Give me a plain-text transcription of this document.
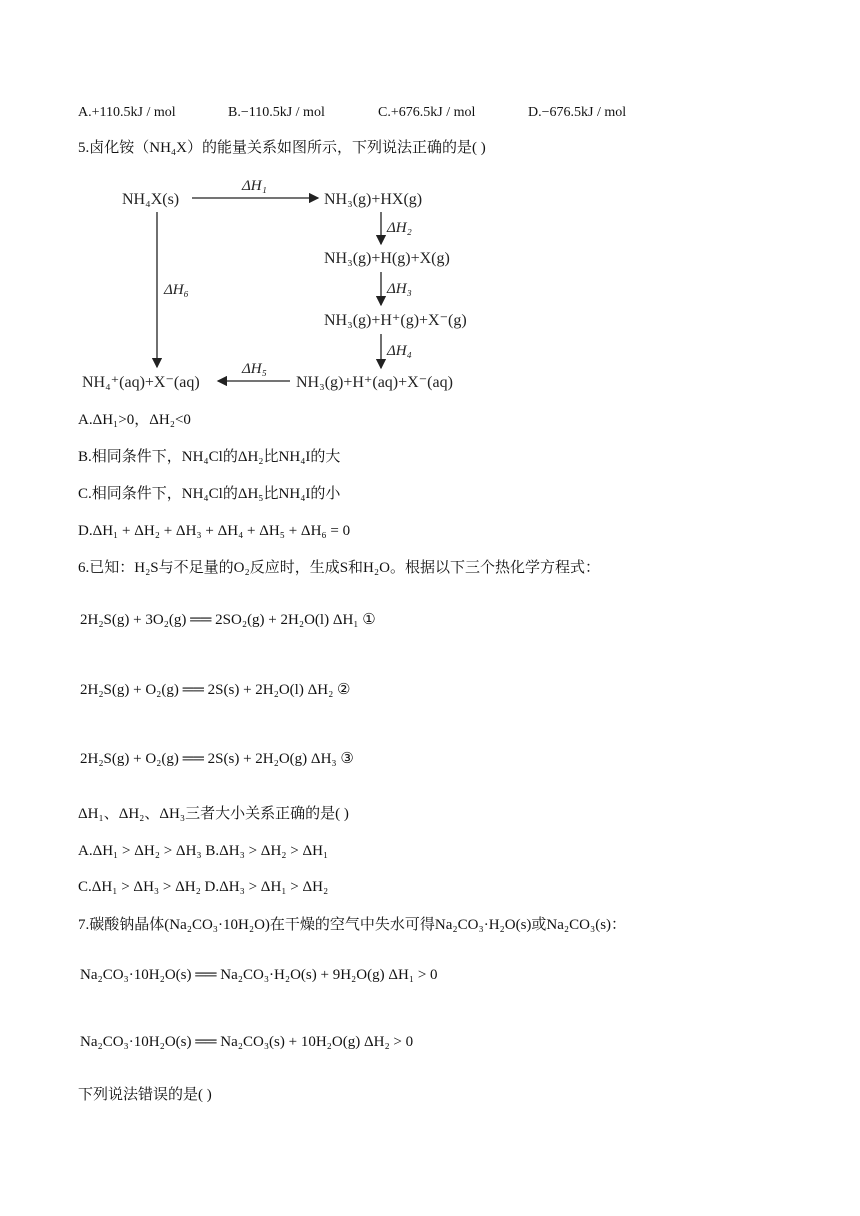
A.+110.5kJ / mol	B.−110.5kJ / mol	C.+676.5kJ / mol	D.−676.5kJ / mol
5.卤化铵（NH₄X）的能量关系如图所示，下列说法正确的是( )
NH₄X(s)
ΔH₁
NH₃(g)+HX(g)
ΔH₂
NH₃(g)+H(g)+X(g)
ΔH₃
NH₃(g)+H⁺(g)+X⁻(g)
ΔH₄
NH₃(g)+H⁺(aq)+X⁻(aq)
ΔH₅
NH₄⁺(aq)+X⁻(aq)
ΔH₆
A.ΔH₁>0，ΔH₂<0
B.相同条件下，NH₄Cl的ΔH₂比NH₄I的大
C.相同条件下，NH₄Cl的ΔH₅比NH₄I的小
D.ΔH₁ + ΔH₂ + ΔH₃ + ΔH₄ + ΔH₅ + ΔH₆ = 0
6.已知：H₂S与不足量的O₂反应时，生成S和H₂O。根据以下三个热化学方程式：
2H₂S(g) + 3O₂(g) ══ 2SO₂(g) + 2H₂O(l) ΔH₁ ①
2H₂S(g) + O₂(g) ══ 2S(s) + 2H₂O(l) ΔH₂ ②
2H₂S(g) + O₂(g) ══ 2S(s) + 2H₂O(g) ΔH₃ ③
ΔH₁、ΔH₂、ΔH₃三者大小关系正确的是( )
A.ΔH₁ > ΔH₂ > ΔH₃ B.ΔH₃ > ΔH₂ > ΔH₁
C.ΔH₁ > ΔH₃ > ΔH₂ D.ΔH₃ > ΔH₁ > ΔH₂
7.碳酸钠晶体(Na₂CO₃·10H₂O)在干燥的空气中失水可得Na₂CO₃·H₂O(s)或Na₂CO₃(s)：
Na₂CO₃·10H₂O(s) ══ Na₂CO₃·H₂O(s) + 9H₂O(g) ΔH₁ > 0
Na₂CO₃·10H₂O(s) ══ Na₂CO₃(s) + 10H₂O(g) ΔH₂ > 0
下列说法错误的是( )
